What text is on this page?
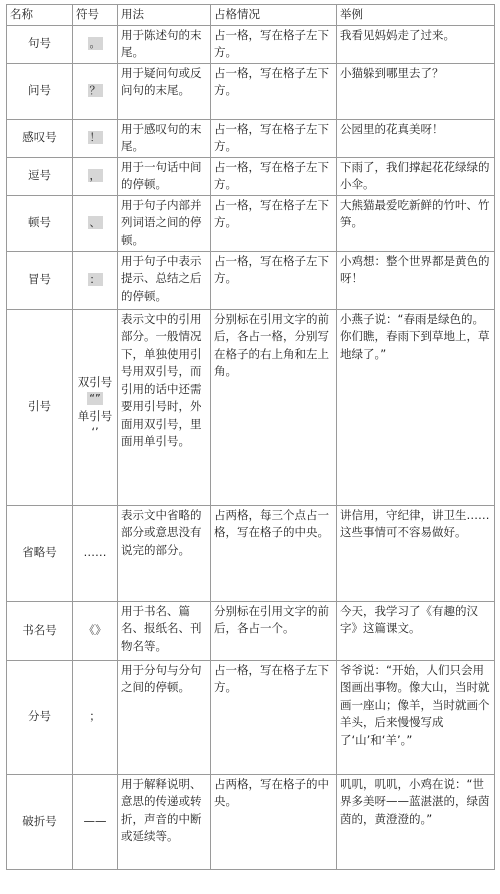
名称	符号	用法	占格情况	举例
句号	。	用于陈述句的末尾。	占一格，写在格子左下方。	我看见妈妈走了过来。
问号	？	用于疑问句或反问句的末尾。	占一格，写在格子左下方。	小猫躲到哪里去了？
感叹号	！	用于感叹句的末尾。	占一格，写在格子左下方。	公园里的花真美呀！
逗号	，	用于一句话中间的停顿。	占一格，写在格子左下方。	下雨了，我们撑起花花绿绿的小伞。
顿号	、	用于句子内部并列词语之间的停顿。	占一格，写在格子左下方。	大熊猫最爱吃新鲜的竹叶、竹笋。
冒号	：	用于句子中表示提示、总结之后的停顿。	占一格，写在格子左下方。	小鸡想：整个世界都是黄色的呀！
引号	双引号
“”
单引号
‘’	表示文中的引用部分。一般情况下，单独使用引号用双引号，而引用的话中还需要用引号时，外面用双引号，里面用单引号。	分别标在引用文字的前后，各占一格，分别写在格子的右上角和左上角。	小燕子说：“春雨是绿色的。你们瞧，春雨下到草地上，草地绿了。”
省略号	……	表示文中省略的部分或意思没有说完的部分。	占两格，每三个点占一格，写在格子的中央。	讲信用，守纪律，讲卫生……这些事情可不容易做好。
书名号	《》	用于书名、篇名、报纸名、刊物名等。	分别标在引用文字的前后，各占一个。	今天，我学习了《有趣的汉字》这篇课文。
分号	；	用于分句与分句之间的停顿。	占一格，写在格子左下方。	爷爷说：“开始，人们只会用图画出事物。像大山，当时就画一座山；像羊，当时就画个羊头，后来慢慢写成了‘山’和‘羊’。”
破折号	——	用于解释说明、意思的传递或转折，声音的中断或延续等。	占两格，写在格子的中央。	叽叽，叽叽，小鸡在说：“世界多美呀——蓝湛湛的，绿茵茵的，黄澄澄的。”
